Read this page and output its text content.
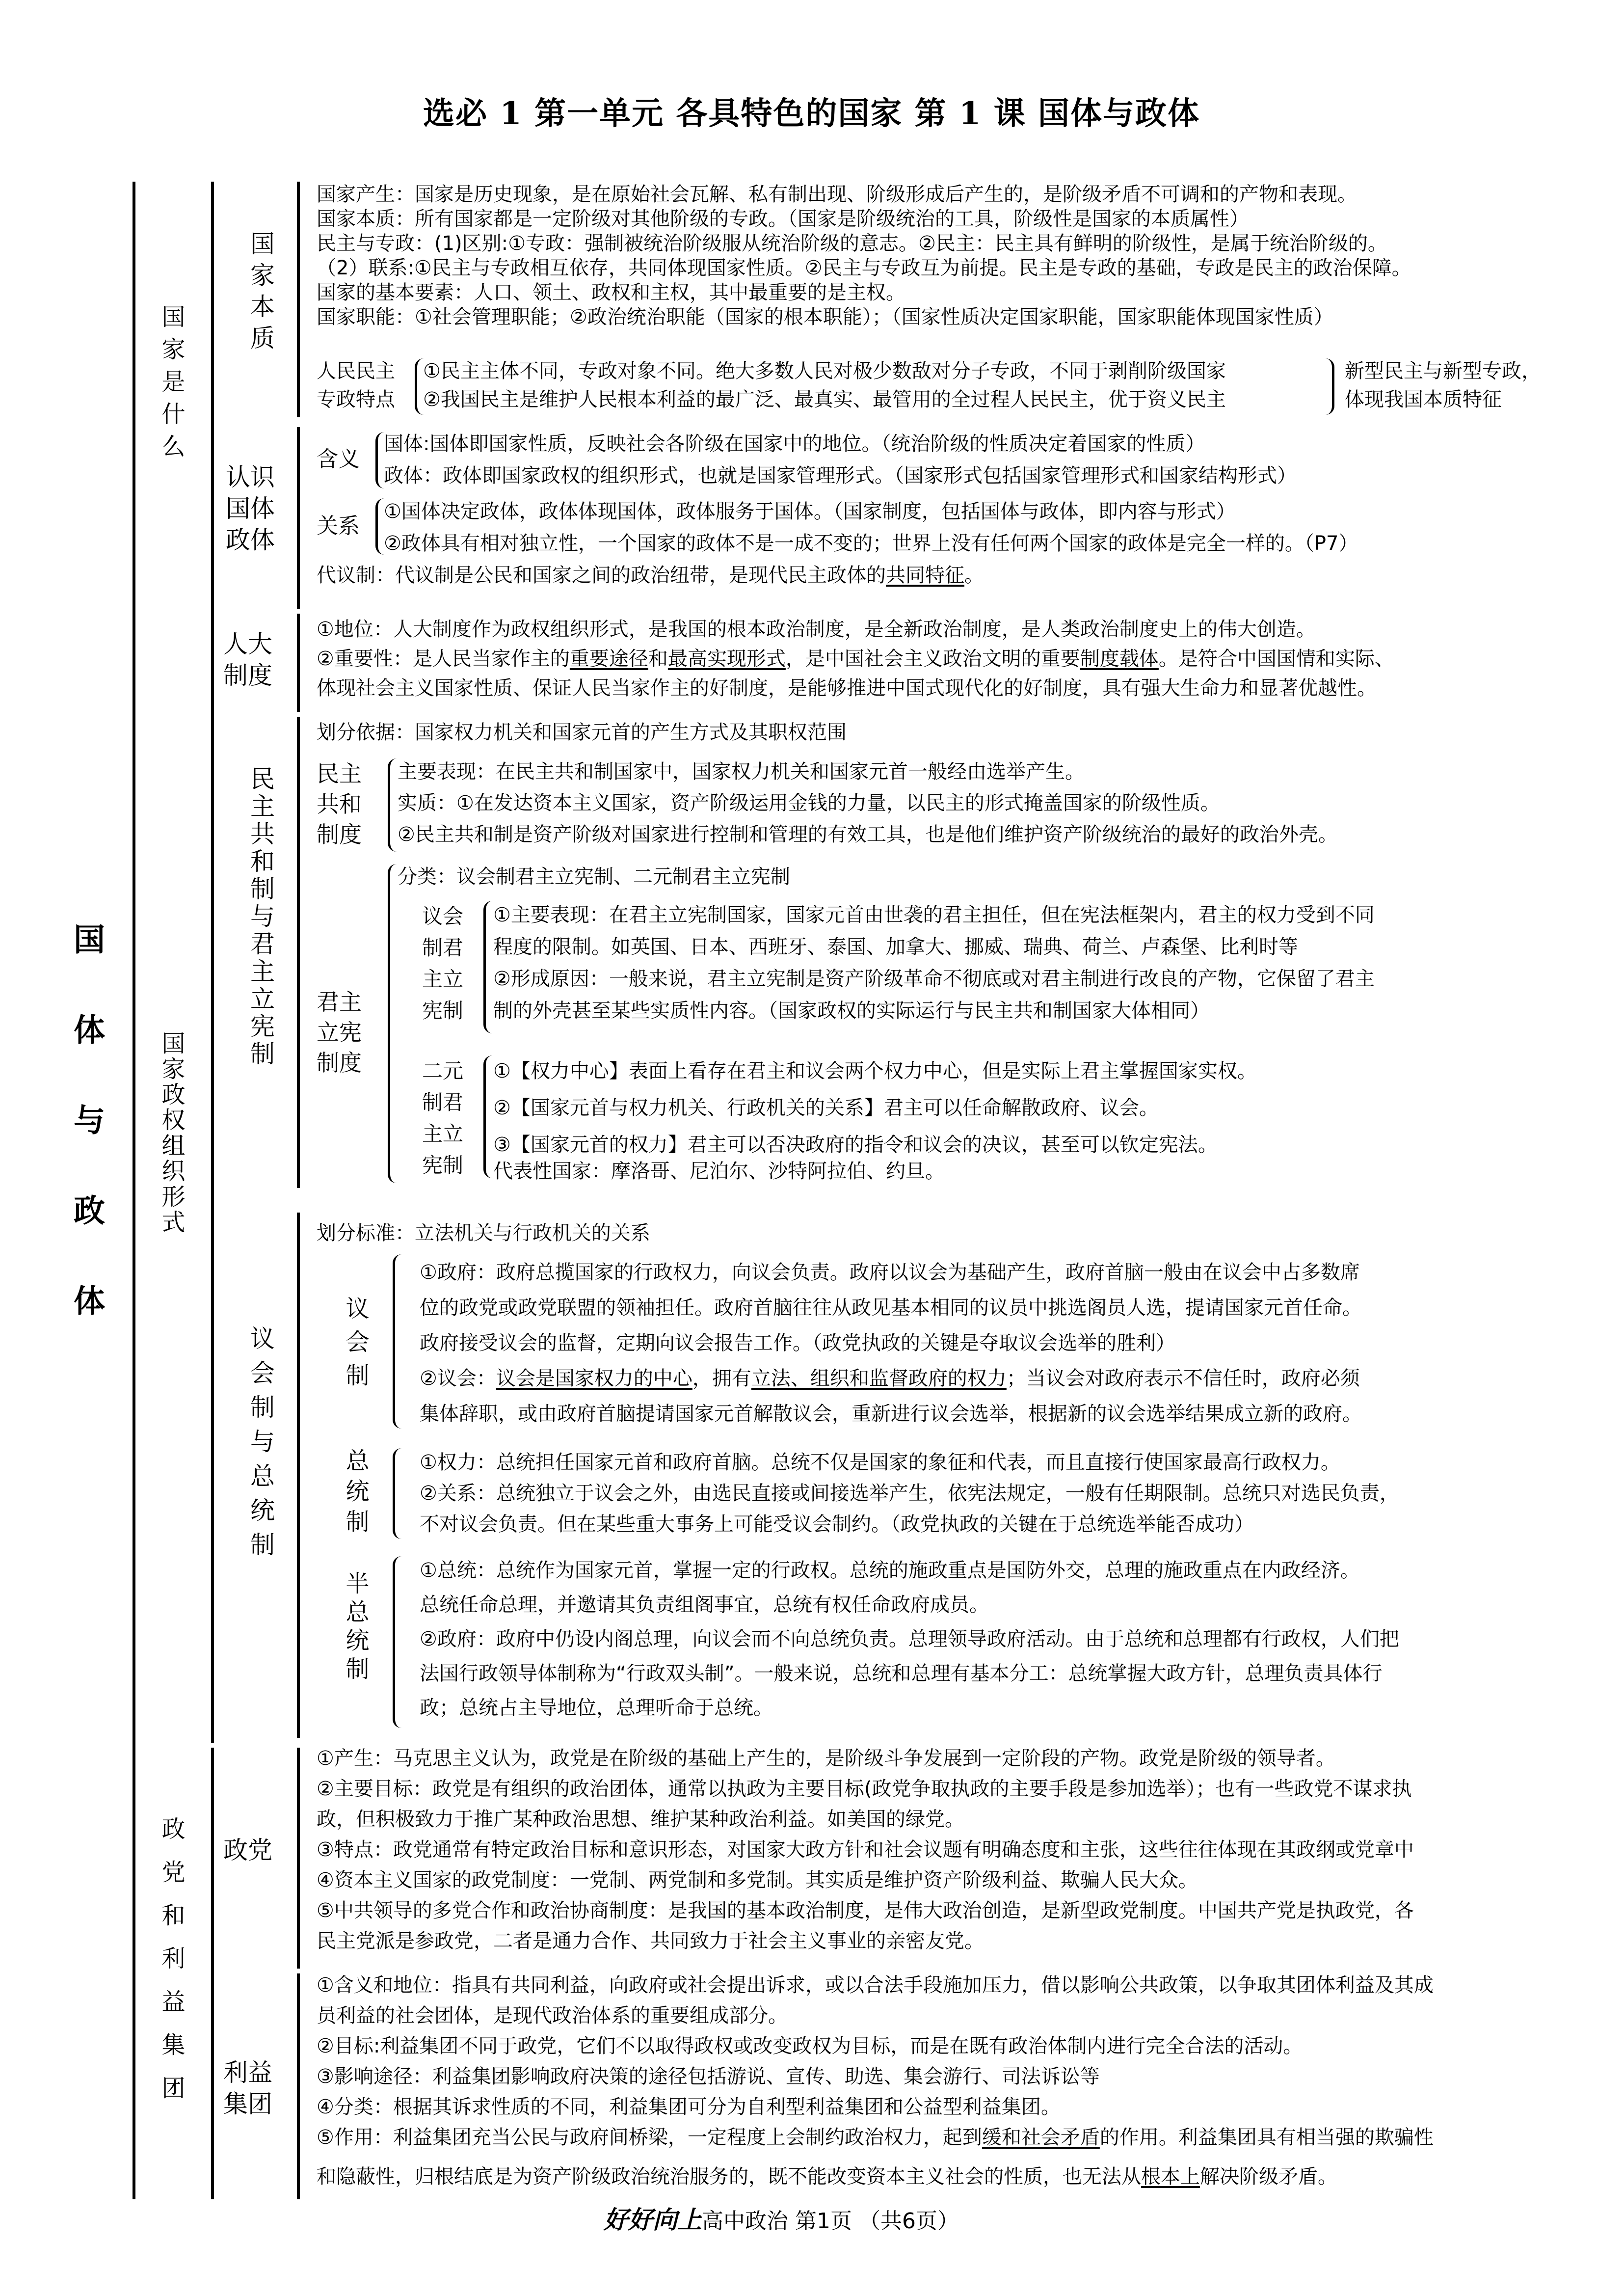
选必 1 第一单元 各具特色的国家 第 1 课 国体与政体
国体与政体
国家是什么
国家政权组织形式
政党和利益集团
国家本质
国家产生：国家是历史现象，是在原始社会瓦解、私有制出现、阶级形成后产生的，是阶级矛盾不可调和的产物和表现。
国家本质：所有国家都是一定阶级对其他阶级的专政。（国家是阶级统治的工具，阶级性是国家的本质属性）
民主与专政：(1)区别:①专政：强制被统治阶级服从统治阶级的意志。②民主：民主具有鲜明的阶级性，是属于统治阶级的。
（2）联系:①民主与专政相互依存，共同体现国家性质。②民主与专政互为前提。民主是专政的基础，专政是民主的政治保障。
国家的基本要素：人口、领土、政权和主权，其中最重要的是主权。
国家职能：①社会管理职能；②政治统治职能（国家的根本职能）；（国家性质决定国家职能，国家职能体现国家性质）
人民民主
专政特点
①民主主体不同，专政对象不同。绝大多数人民对极少数敌对分子专政，不同于剥削阶级国家
②我国民主是维护人民根本利益的最广泛、最真实、最管用的全过程人民民主，优于资义民主
新型民主与新型专政，
体现我国本质特征
认识国体政体
含义
国体:国体即国家性质，反映社会各阶级在国家中的地位。（统治阶级的性质决定着国家的性质）
政体：政体即国家政权的组织形式，也就是国家管理形式。（国家形式包括国家管理形式和国家结构形式）
关系
①国体决定政体，政体体现国体，政体服务于国体。（国家制度，包括国体与政体，即内容与形式）
②政体具有相对独立性，一个国家的政体不是一成不变的；世界上没有任何两个国家的政体是完全一样的。（P7）
代议制：代议制是公民和国家之间的政治纽带，是现代民主政体的共同特征。
人大制度
①地位：人大制度作为政权组织形式，是我国的根本政治制度，是全新政治制度，是人类政治制度史上的伟大创造。
②重要性：是人民当家作主的重要途径和最高实现形式，是中国社会主义政治文明的重要制度载体。是符合中国国情和实际、
体现社会主义国家性质、保证人民当家作主的好制度，是能够推进中国式现代化的好制度，具有强大生命力和显著优越性。
民主共和制与君主立宪制
划分依据：国家权力机关和国家元首的产生方式及其职权范围
民主共和制度
主要表现：在民主共和制国家中，国家权力机关和国家元首一般经由选举产生。
实质：①在发达资本主义国家，资产阶级运用金钱的力量，以民主的形式掩盖国家的阶级性质。
②民主共和制是资产阶级对国家进行控制和管理的有效工具，也是他们维护资产阶级统治的最好的政治外壳。
君主立宪制度
分类：议会制君主立宪制、二元制君主立宪制
议会制君主立宪制
①主要表现：在君主立宪制国家，国家元首由世袭的君主担任，但在宪法框架内，君主的权力受到不同
程度的限制。如英国、日本、西班牙、泰国、加拿大、挪威、瑞典、荷兰、卢森堡、比利时等
②形成原因：一般来说，君主立宪制是资产阶级革命不彻底或对君主制进行改良的产物，它保留了君主
制的外壳甚至某些实质性内容。（国家政权的实际运行与民主共和制国家大体相同）
二元制君主立宪制
①【权力中心】表面上看存在君主和议会两个权力中心，但是实际上君主掌握国家实权。
②【国家元首与权力机关、行政机关的关系】君主可以任命解散政府、议会。
③【国家元首的权力】君主可以否决政府的指令和议会的决议，甚至可以钦定宪法。
代表性国家：摩洛哥、尼泊尔、沙特阿拉伯、约旦。
议会制与总统制
划分标准：立法机关与行政机关的关系
议会制
①政府：政府总揽国家的行政权力，向议会负责。政府以议会为基础产生，政府首脑一般由在议会中占多数席
位的政党或政党联盟的领袖担任。政府首脑往往从政见基本相同的议员中挑选阁员人选，提请国家元首任命。
政府接受议会的监督，定期向议会报告工作。（政党执政的关键是夺取议会选举的胜利）
②议会：议会是国家权力的中心，拥有立法、组织和监督政府的权力；当议会对政府表示不信任时，政府必须
集体辞职，或由政府首脑提请国家元首解散议会，重新进行议会选举，根据新的议会选举结果成立新的政府。
总统制	①权力：总统担任国家元首和政府首脑。总统不仅是国家的象征和代表，而且直接行使国家最高行政权力。
②关系：总统独立于议会之外，由选民直接或间接选举产生，依宪法规定，一般有任期限制。总统只对选民负责，
不对议会负责。但在某些重大事务上可能受议会制约。（政党执政的关键在于总统选举能否成功）
半总统制
①总统：总统作为国家元首，掌握一定的行政权。总统的施政重点是国防外交，总理的施政重点在内政经济。
总统任命总理，并邀请其负责组阁事宜，总统有权任命政府成员。
②政府：政府中仍设内阁总理，向议会而不向总统负责。总理领导政府活动。由于总统和总理都有行政权，人们把
法国行政领导体制称为“行政双头制”。一般来说，总统和总理有基本分工：总统掌握大政方针，总理负责具体行
政；总统占主导地位，总理听命于总统。
政党
①产生：马克思主义认为，政党是在阶级的基础上产生的，是阶级斗争发展到一定阶段的产物。政党是阶级的领导者。
②主要目标：政党是有组织的政治团体，通常以执政为主要目标(政党争取执政的主要手段是参加选举）；也有一些政党不谋求执
政，但积极致力于推广某种政治思想、维护某种政治利益。如美国的绿党。
③特点：政党通常有特定政治目标和意识形态，对国家大政方针和社会议题有明确态度和主张，这些往往体现在其政纲或党章中
④资本主义国家的政党制度：一党制、两党制和多党制。其实质是维护资产阶级利益、欺骗人民大众。
⑤中共领导的多党合作和政治协商制度：是我国的基本政治制度，是伟大政治创造，是新型政党制度。中国共产党是执政党，各
民主党派是参政党，二者是通力合作、共同致力于社会主义事业的亲密友党。
利益集团
①含义和地位：指具有共同利益，向政府或社会提出诉求，或以合法手段施加压力，借以影响公共政策，以争取其团体利益及其成
员利益的社会团体，是现代政治体系的重要组成部分。
②目标:利益集团不同于政党，它们不以取得政权或改变政权为目标，而是在既有政治体制内进行完全合法的活动。
③影响途径：利益集团影响政府决策的途径包括游说、宣传、助选、集会游行、司法诉讼等
④分类：根据其诉求性质的不同，利益集团可分为自利型利益集团和公益型利益集团。
⑤作用：利益集团充当公民与政府间桥梁，一定程度上会制约政治权力，起到缓和社会矛盾的作用。利益集团具有相当强的欺骗性
和隐蔽性，归根结底是为资产阶级政治统治服务的，既不能改变资本主义社会的性质，也无法从根本上解决阶级矛盾。
好好向上高中政治 第1页 （共6页）
